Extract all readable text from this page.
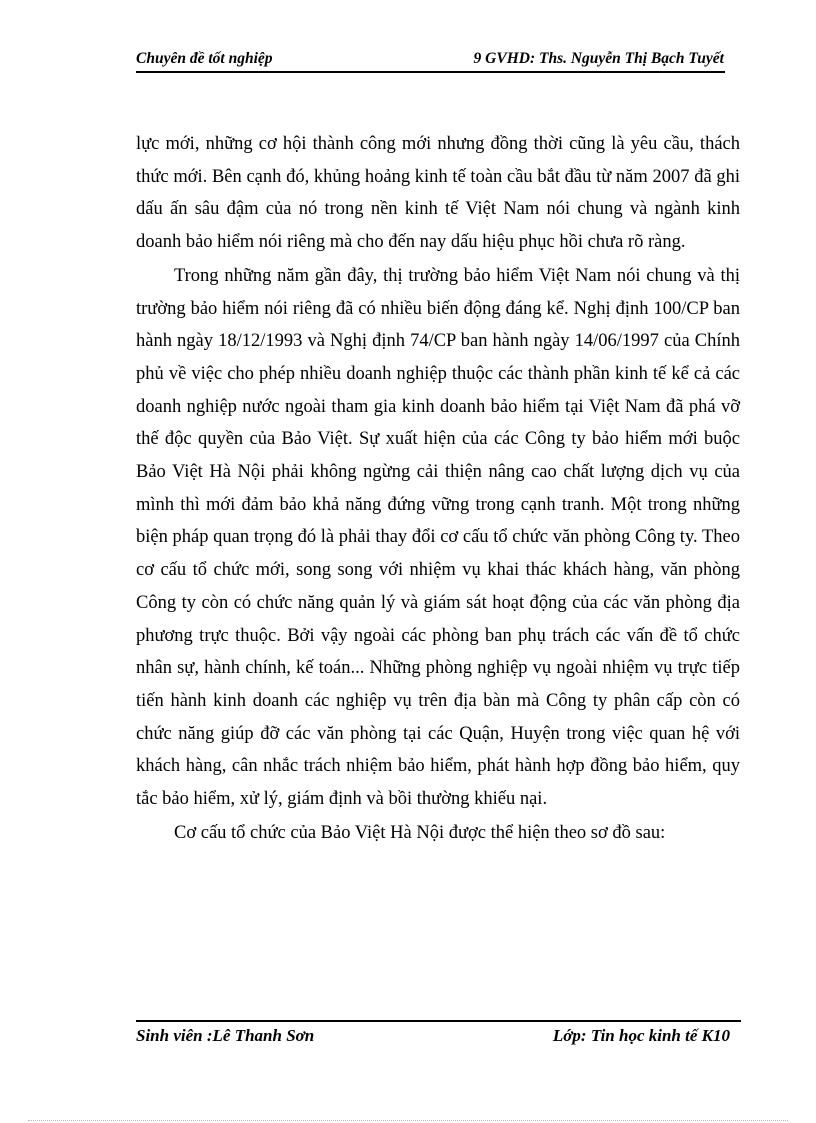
Chuyên đề tốt nghiệp	9 GVHD: Ths. Nguyễn Thị Bạch Tuyết

lực mới, những cơ hội thành công mới nhưng đồng thời cũng là yêu cầu, thách thức mới. Bên cạnh đó, khủng hoảng kinh tế toàn cầu bắt đầu từ năm 2007 đã ghi dấu ấn sâu đậm của nó trong nền kinh tế Việt Nam nói chung và ngành kinh doanh bảo hiểm nói riêng mà cho đến nay dấu hiệu phục hồi chưa rõ ràng.

Trong những năm gần đây, thị trường bảo hiểm Việt Nam nói chung và thị trường bảo hiểm nói riêng đã có nhiều biến động đáng kể. Nghị định 100/CP ban hành ngày 18/12/1993 và Nghị định 74/CP ban hành ngày 14/06/1997 của Chính phủ về việc cho phép nhiều doanh nghiệp thuộc các thành phần kinh tế kể cả các doanh nghiệp nước ngoài tham gia kinh doanh bảo hiểm tại Việt Nam đã phá vỡ thế độc quyền của Bảo Việt. Sự xuất hiện của các Công ty bảo hiểm mới buộc Bảo Việt Hà Nội phải không ngừng cải thiện nâng cao chất lượng dịch vụ của mình thì mới đảm bảo khả năng đứng vững trong cạnh tranh. Một trong những biện pháp quan trọng đó là phải thay đổi cơ cấu tổ chức văn phòng Công ty. Theo cơ cấu tổ chức mới, song song với nhiệm vụ khai thác khách hàng, văn phòng Công ty còn có chức năng quản lý và giám sát hoạt động của các văn phòng địa phương trực thuộc. Bởi vậy ngoài các phòng ban phụ trách các vấn đề tổ chức nhân sự, hành chính, kế toán... Những phòng nghiệp vụ ngoài nhiệm vụ trực tiếp tiến hành kinh doanh các nghiệp vụ trên địa bàn mà Công ty phân cấp còn có chức năng giúp đỡ các văn phòng tại các Quận, Huyện trong việc quan hệ với khách hàng, cân nhắc trách nhiệm bảo hiểm, phát hành hợp đồng bảo hiểm, quy tắc bảo hiểm, xử lý, giám định và bồi thường khiếu nại.

Cơ cấu tổ chức của Bảo Việt Hà Nội được thể hiện theo sơ đồ sau:

Sinh viên :Lê Thanh Sơn	Lớp: Tin học kinh tế K10
